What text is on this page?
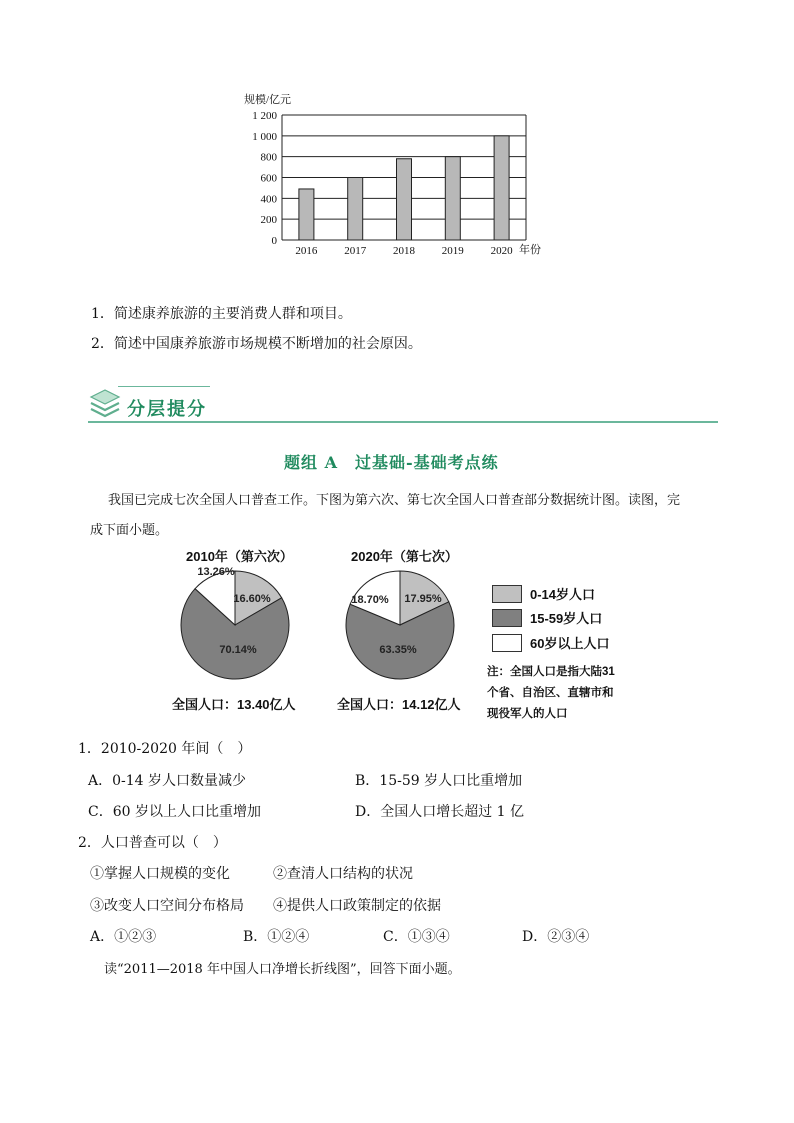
规模/亿元
0
200
400
600
800
1 000
1 200
2016 2017 2018 2019 2020 年份
1．简述康养旅游的主要消费人群和项目。
2．简述中国康养旅游市场规模不断增加的社会原因。
分层提分
题组 A　过基础-基础考点练
我国已完成七次全国人口普查工作。下图为第六次、第七次全国人口普查部分数据统计图。读图，完
成下面小题。
2010年（第六次）	2020年（第七次）
16.60%
70.14%
13.26%
17.95%
63.35%
18.70%
全国人口：13.40亿人	全国人口：14.12亿人
0-14岁人口
15-59岁人口
60岁以上人口
注：全国人口是指大陆31
个省、自治区、直辖市和
现役军人的人口
1．2010-2020 年间（　）
A．0-14 岁人口数量减少	B．15-59 岁人口比重增加
C．60 岁以上人口比重增加	D．全国人口增长超过 1 亿
2．人口普查可以（　）
①掌握人口规模的变化	②查清人口结构的状况
③改变人口空间分布格局 ④提供人口政策制定的依据
A．①②③	B．①②④	C．①③④	D．②③④
读“2011—2018 年中国人口净增长折线图”，回答下面小题。
